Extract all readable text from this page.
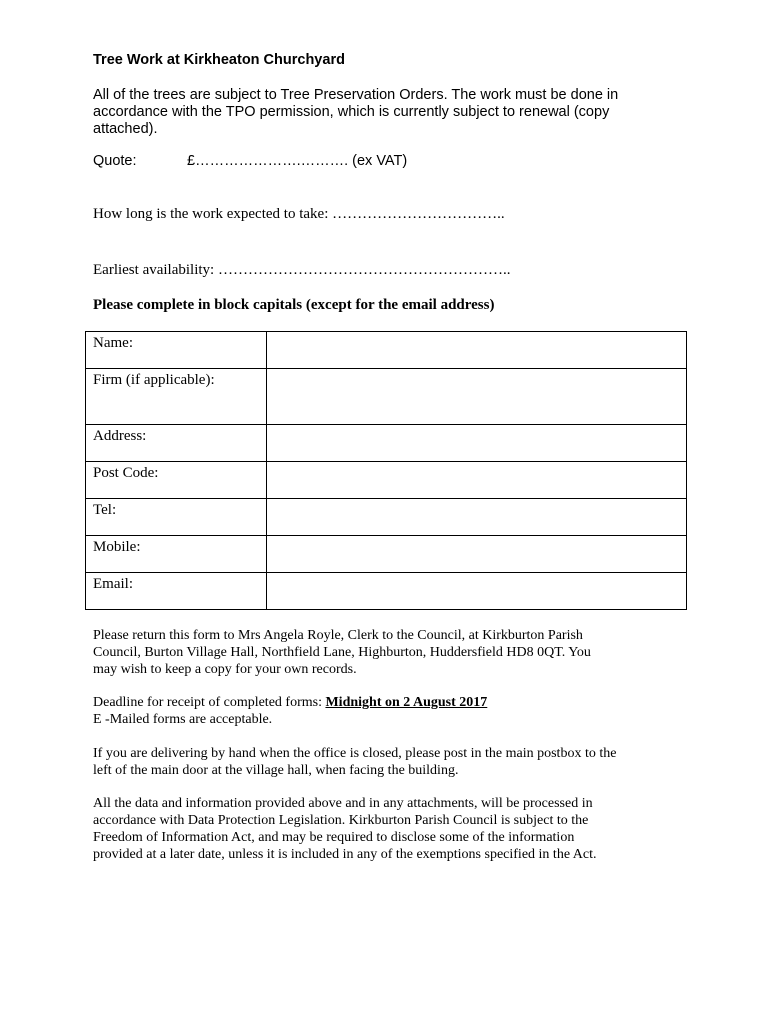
Tree Work at Kirkheaton Churchyard
All of the trees are subject to Tree Preservation Orders. The work must be done in
accordance with the TPO permission, which is currently subject to renewal (copy
attached).
Quote:	£………………….………. (ex VAT)
How long is the work expected to take: ……………………………..
Earliest availability: …………………………………………………..
Please complete in block capitals (except for the email address)
Name:	
Firm (if applicable):	
Address:	
Post Code:	
Tel:	
Mobile:	
Email:	
Please return this form to Mrs Angela Royle, Clerk to the Council, at Kirkburton Parish
Council, Burton Village Hall, Northfield Lane, Highburton, Huddersfield HD8 0QT. You
may wish to keep a copy for your own records.
Deadline for receipt of completed forms: Midnight on 2 August 2017
E -Mailed forms are acceptable.
If you are delivering by hand when the office is closed, please post in the main postbox to the
left of the main door at the village hall, when facing the building.
All the data and information provided above and in any attachments, will be processed in
accordance with Data Protection Legislation. Kirkburton Parish Council is subject to the
Freedom of Information Act, and may be required to disclose some of the information
provided at a later date, unless it is included in any of the exemptions specified in the Act.
